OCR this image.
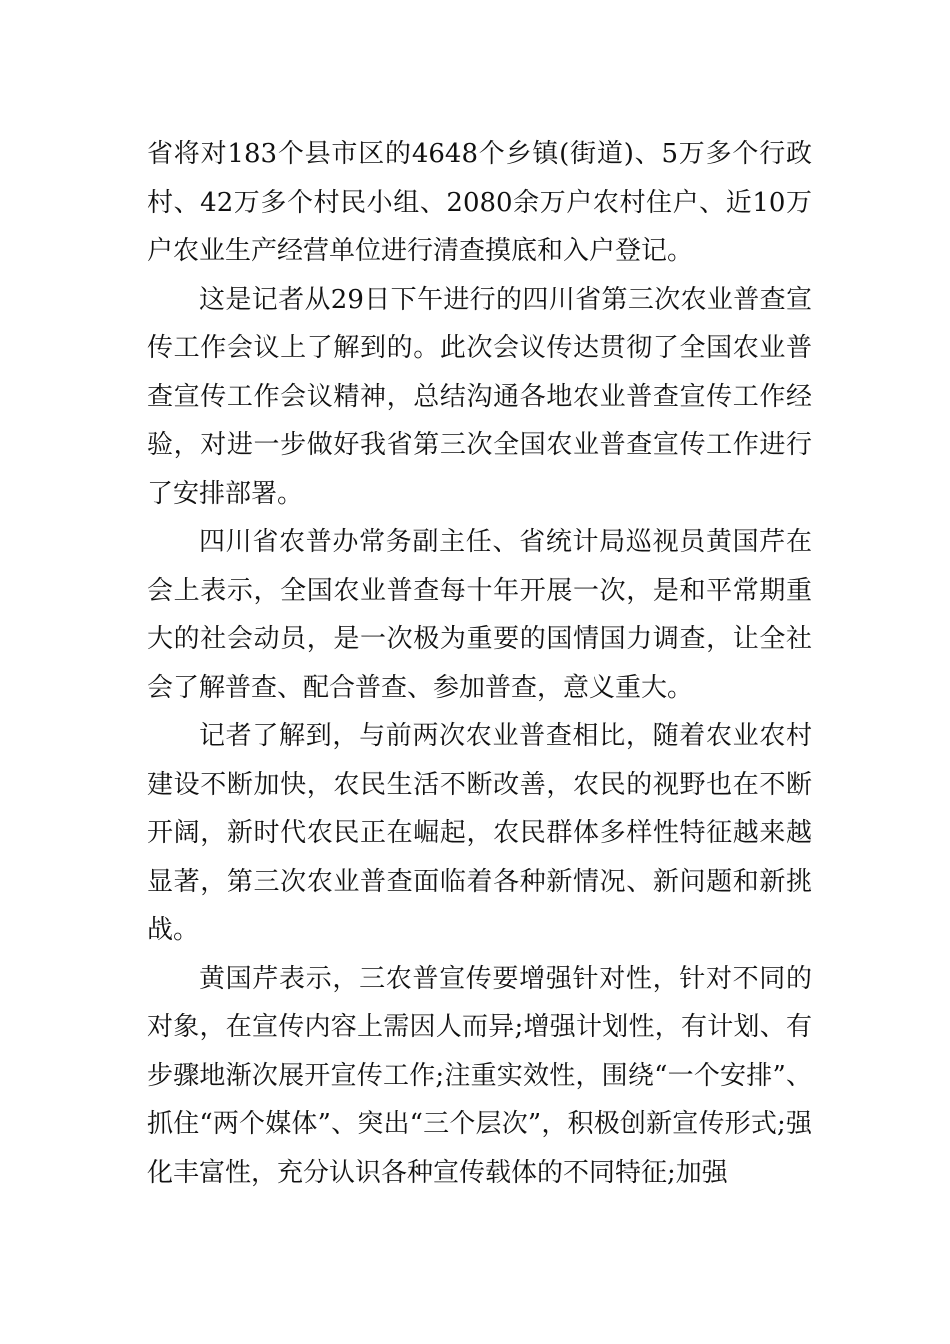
省将对183个县市区的4648个乡镇(街道)、5万多个行政村、42万多个村民小组、2080余万户农村住户、近10万户农业生产经营单位进行清查摸底和入户登记。

这是记者从29日下午进行的四川省第三次农业普查宣传工作会议上了解到的。此次会议传达贯彻了全国农业普查宣传工作会议精神，总结沟通各地农业普查宣传工作经验，对进一步做好我省第三次全国农业普查宣传工作进行了安排部署。

四川省农普办常务副主任、省统计局巡视员黄国芹在会上表示，全国农业普查每十年开展一次，是和平常期重大的社会动员，是一次极为重要的国情国力调查，让全社会了解普查、配合普查、参加普查，意义重大。

记者了解到，与前两次农业普查相比，随着农业农村建设不断加快，农民生活不断改善，农民的视野也在不断开阔，新时代农民正在崛起，农民群体多样性特征越来越显著，第三次农业普查面临着各种新情况、新问题和新挑战。

黄国芹表示，三农普宣传要增强针对性，针对不同的对象，在宣传内容上需因人而异;增强计划性，有计划、有步骤地渐次展开宣传工作;注重实效性，围绕“一个安排”、抓住“两个媒体”、突出“三个层次”，积极创新宣传形式;强化丰富性，充分认识各种宣传载体的不同特征;加强
